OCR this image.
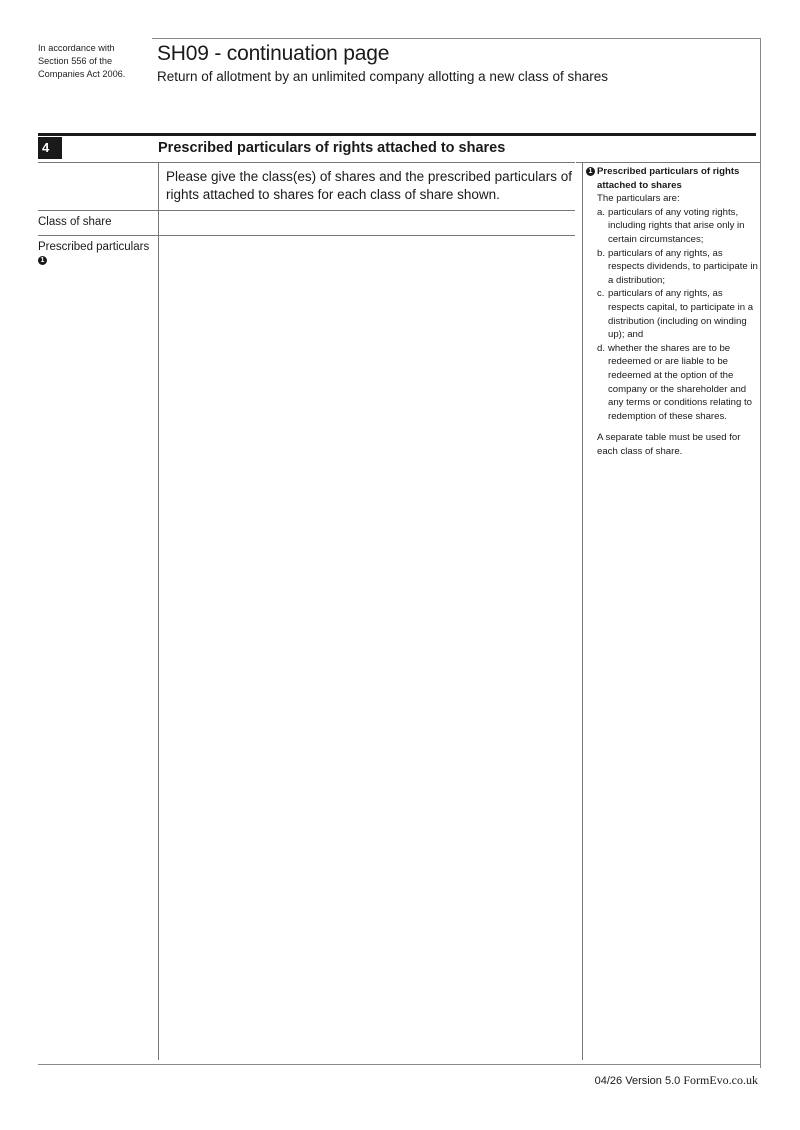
In accordance with
Section 556 of the
Companies Act 2006.
SH09 - continuation page
Return of allotment by an unlimited company allotting a new class of shares
4	Prescribed particulars of rights attached to shares
Please give the class(es) of shares and the prescribed particulars of rights attached to shares for each class of share shown.
Class of share
Prescribed particulars
1
1 Prescribed particulars of rights attached to shares
The particulars are:
a. particulars of any voting rights, including rights that arise only in certain circumstances;
b. particulars of any rights, as respects dividends, to participate in a distribution;
c. particulars of any rights, as respects capital, to participate in a distribution (including on winding up); and
d. whether the shares are to be redeemed or are liable to be redeemed at the option of the company or the shareholder and any terms or conditions relating to redemption of these shares.
A separate table must be used for each class of share.
04/26 Version 5.0 FormEvo.co.uk
